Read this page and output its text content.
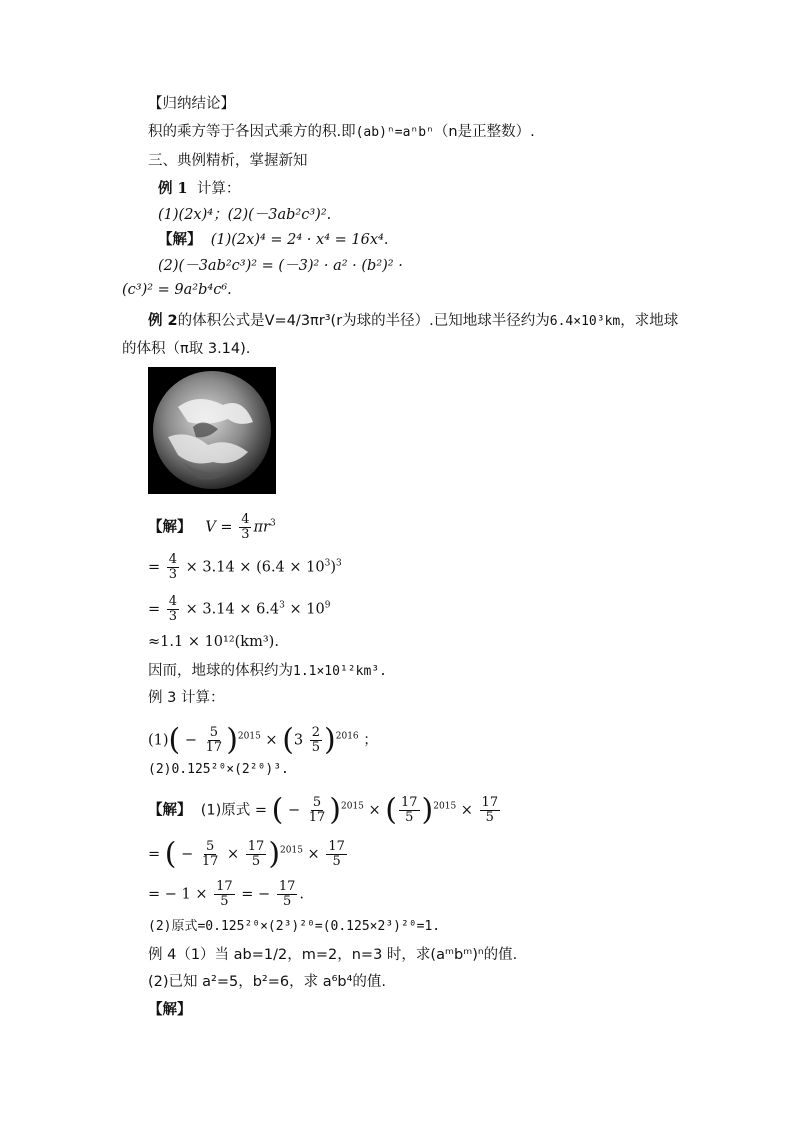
【归纳结论】
积的乘方等于各因式乘方的积.即(ab)ⁿ=aⁿbⁿ（n是正整数）.
三、典例精析，掌握新知
例 1 计算：
(1)(2x)⁴；(2)(－3ab²c³)².
【解】 (1)(2x)⁴ = 2⁴ · x⁴ = 16x⁴.
(2)(－3ab²c³)² = (－3)² · a² · (b²)² ·
(c³)² = 9a²b⁴c⁶.
例 2的体积公式是V=4/3πr³(r为球的半径）.已知地球半径约为6.4×10³km，求地球
的体积（π取 3.14).
【解】 $V = \frac{4}{3} \pi r^3$
= $\frac{4}{3} \times 3.14 \times (6.4 \times 10^3)^3$
= $\frac{4}{3} \times 3.14 \times 6.4^3 \times 10^9$
≈1.1 × 10¹²(km³).
因而，地球的体积约为1.1×10¹²km³.
例 3 计算：
$(1)( - \frac{5}{17} )^{2015} \times (3 \frac{2}{5} )^{2016}$ ；
(2)0.125²⁰×(2²⁰)³.
【解】 (1)原式 = ( − $\frac{5}{17} )^{2015}$ × ( $\frac{17}{5} )^{2015} \times \frac{17}{5}$
= ( − $\frac{5}{17} \times \frac{17}{5} )^{2015} \times \frac{17}{5}$
= − $1 \times \frac{17}{5}$ = − $\frac{17}{5}$ .
(2)原式=0.125²⁰×(2³)²⁰=(0.125×2³)²⁰=1.
例 4（1）当 ab=1/2，m=2，n=3 时，求(aᵐbᵐ)ⁿ的值.
(2)已知 a²=5，b²=6，求 a⁶b⁴的值.
【解】
